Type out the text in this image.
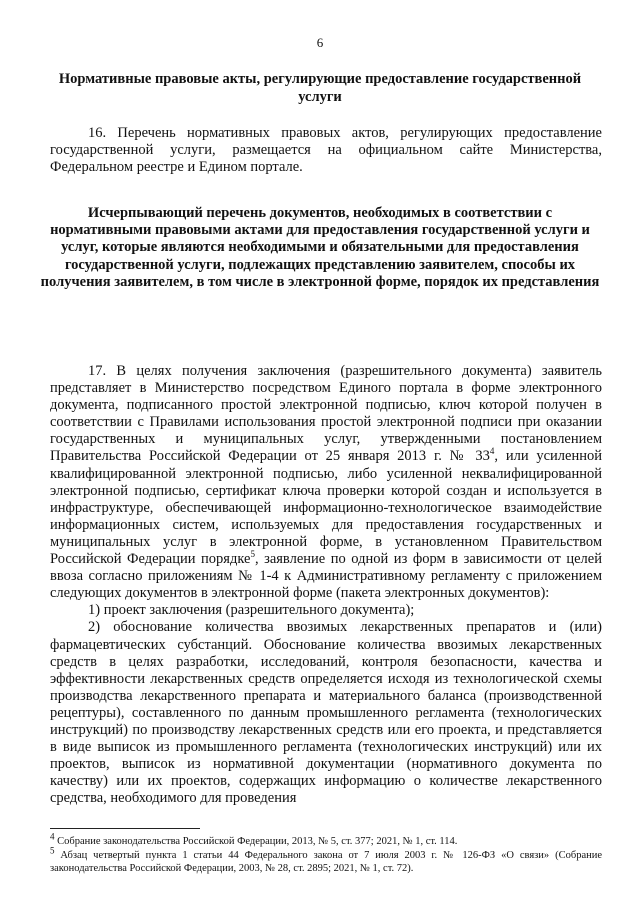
6
Нормативные правовые акты, регулирующие предоставление государственной услуги

16. Перечень нормативных правовых актов, регулирующих предоставление государственной услуги, размещается на официальном сайте Министерства, Федеральном реестре и Едином портале.

Исчерпывающий перечень документов, необходимых в соответствии с нормативными правовыми актами для предоставления государственной услуги и услуг, которые являются необходимыми и обязательными для предоставления государственной услуги, подлежащих представлению заявителем, способы их получения заявителем, в том числе в электронной форме, порядок их представления

17. В целях получения заключения (разрешительного документа) заявитель представляет в Министерство посредством Единого портала в форме электронного документа, подписанного простой электронной подписью, ключ которой получен в соответствии с Правилами использования простой электронной подписи при оказании государственных и муниципальных услуг, утвержденными постановлением Правительства Российской Федерации от 25 января 2013 г. № $33^4$, или усиленной квалифицированной электронной подписью, либо усиленной неквалифицированной электронной подписью, сертификат ключа проверки которой создан и используется в инфраструктуре, обеспечивающей информационно-технологическое взаимодействие информационных систем, используемых для предоставления государственных и муниципальных услуг в электронной форме, в установленном Правительством Российской Федерации порядке$^5$, заявление по одной из форм в зависимости от целей ввоза согласно приложениям № 1-4 к Административному регламенту с приложением следующих документов в электронной форме (пакета электронных документов):

1) проект заключения (разрешительного документа);

2) обоснование количества ввозимых лекарственных препаратов и (или) фармацевтических субстанций. Обоснование количества ввозимых лекарственных средств в целях разработки, исследований, контроля безопасности, качества и эффективности лекарственных средств определяется исходя из технологической схемы производства лекарственного препарата и материального баланса (производственной рецептуры), составленного по данным промышленного регламента (технологических инструкций) по производству лекарственных средств или его проекта, и представляется в виде выписок из промышленного регламента (технологических инструкций) или их проектов, выписок из нормативной документации (нормативного документа по качеству) или их проектов, содержащих информацию о количестве лекарственного средства, необходимого для проведения

$^4$ Собрание законодательства Российской Федерации, 2013, № 5, ст. 377; 2021, № 1, ст. 114.
$^5$ Абзац четвертый пункта 1 статьи 44 Федерального закона от 7 июля 2003 г. № 126-ФЗ «О связи» (Собрание законодательства Российской Федерации, 2003, № 28, ст. 2895; 2021, № 1, ст. 72).
